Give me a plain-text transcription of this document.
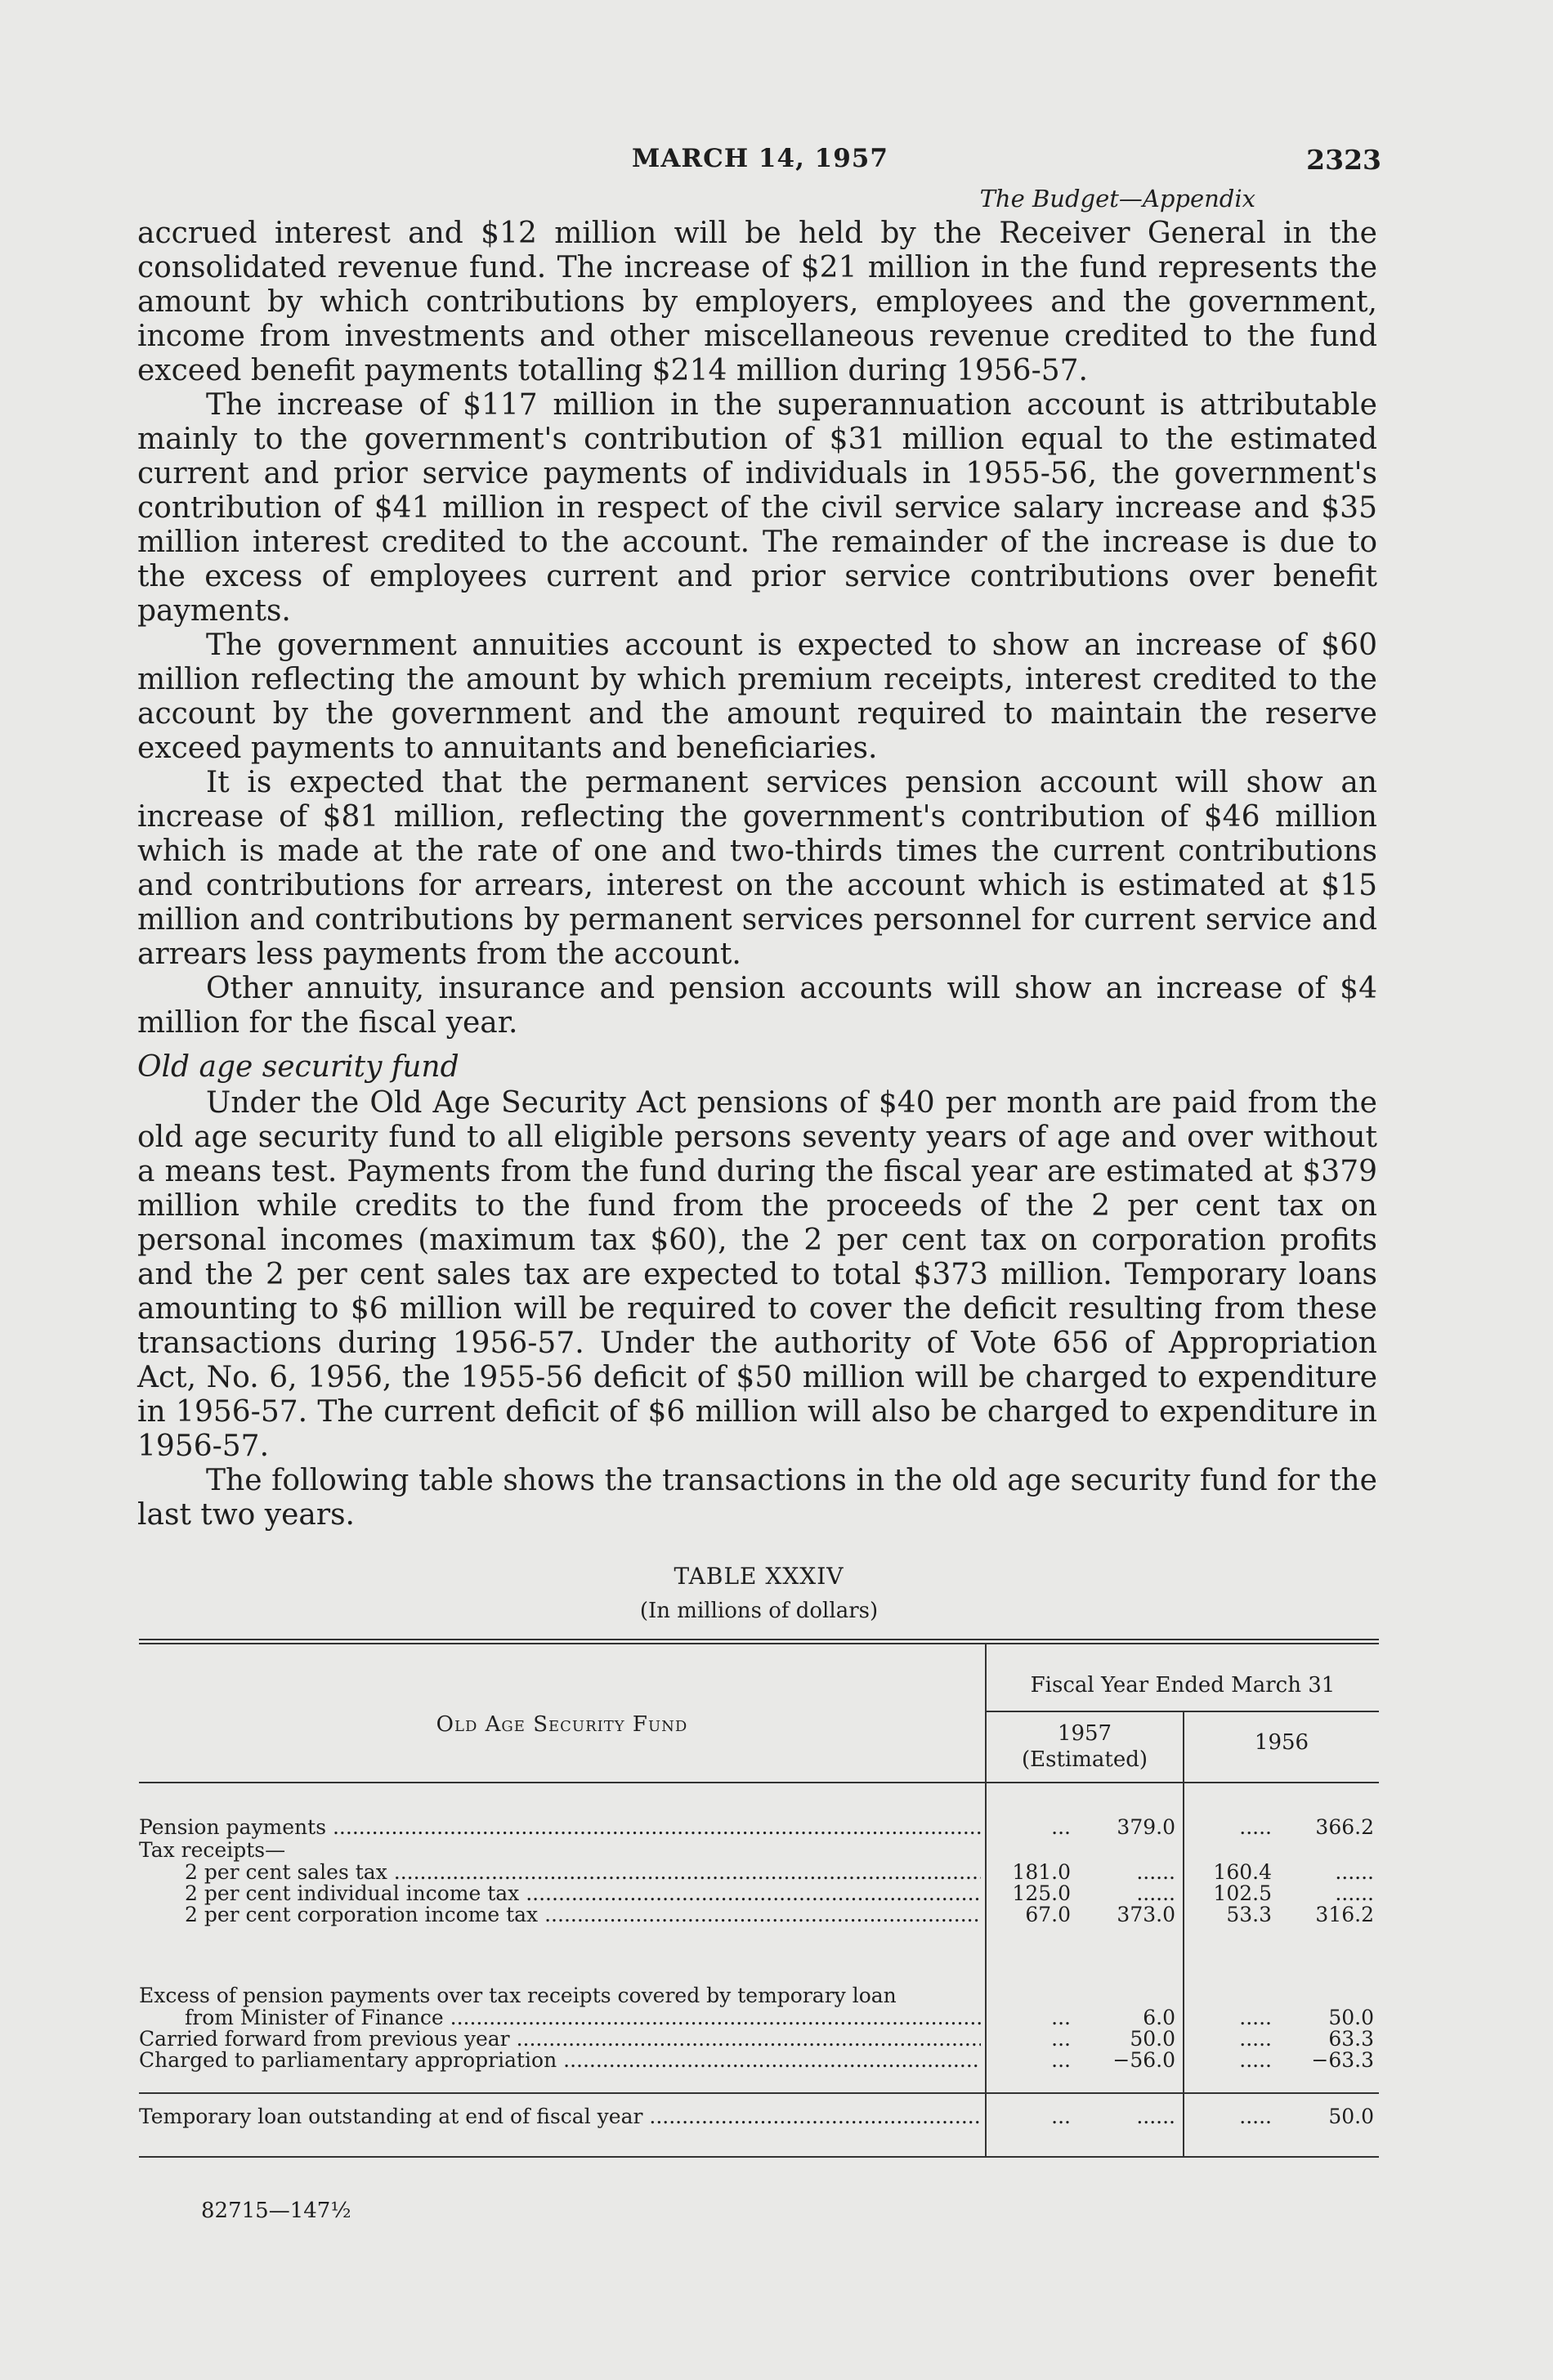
MARCH 14, 1957	2323
The Budget—Appendix

accrued interest and $12 million will be held by the Receiver General in the consolidated revenue fund. The increase of $21 million in the fund represents the amount by which contributions by employers, employees and the government, income from investments and other miscellaneous revenue credited to the fund exceed benefit payments totalling $214 million during 1956-57.

The increase of $117 million in the superannuation account is attributable mainly to the government's contribution of $31 million equal to the estimated current and prior service payments of individuals in 1955-56, the government's contribution of $41 million in respect of the civil service salary increase and $35 million interest credited to the account. The remainder of the increase is due to the excess of employees current and prior service contributions over benefit payments.

The government annuities account is expected to show an increase of $60 million reflecting the amount by which premium receipts, interest credited to the account by the government and the amount required to maintain the reserve exceed payments to annuitants and beneficiaries.

It is expected that the permanent services pension account will show an increase of $81 million, reflecting the government's contribution of $46 million which is made at the rate of one and two-thirds times the current contributions and contributions for arrears, interest on the account which is estimated at $15 million and contributions by permanent services personnel for current service and arrears less payments from the account.

Other annuity, insurance and pension accounts will show an increase of $4 million for the fiscal year.

Old age security fund

Under the Old Age Security Act pensions of $40 per month are paid from the old age security fund to all eligible persons seventy years of age and over without a means test. Payments from the fund during the fiscal year are estimated at $379 million while credits to the fund from the proceeds of the 2 per cent tax on personal incomes (maximum tax $60), the 2 per cent tax on corporation profits and the 2 per cent sales tax are expected to total $373 million. Temporary loans amounting to $6 million will be required to cover the deficit resulting from these transactions during 1956-57. Under the authority of Vote 656 of Appropriation Act, No. 6, 1956, the 1955-56 deficit of $50 million will be charged to expenditure in 1956-57. The current deficit of $6 million will also be charged to expenditure in 1956-57.

The following table shows the transactions in the old age security fund for the last two years.

TABLE XXXIV
(In millions of dollars)
Old Age Security Fund
Fiscal Year Ended March 31
1957
(Estimated)
1956
Pension payments .....	...	379.0	.....	366.2
Tax receipts—
2 per cent sales tax .....	181.0	......	160.4	......
2 per cent individual income tax .....	125.0	......	102.5	......
2 per cent corporation income tax .....	67.0	373.0	53.3	316.2
Excess of pension payments over tax receipts covered by temporary loan
from Minister of Finance .....	...	6.0	.....	50.0
Carried forward from previous year .....	...	50.0	.....	63.3
Charged to parliamentary appropriation .....	...	−56.0	.....	−63.3
Temporary loan outstanding at end of fiscal year .....	...	......	.....	50.0
82715—147½
